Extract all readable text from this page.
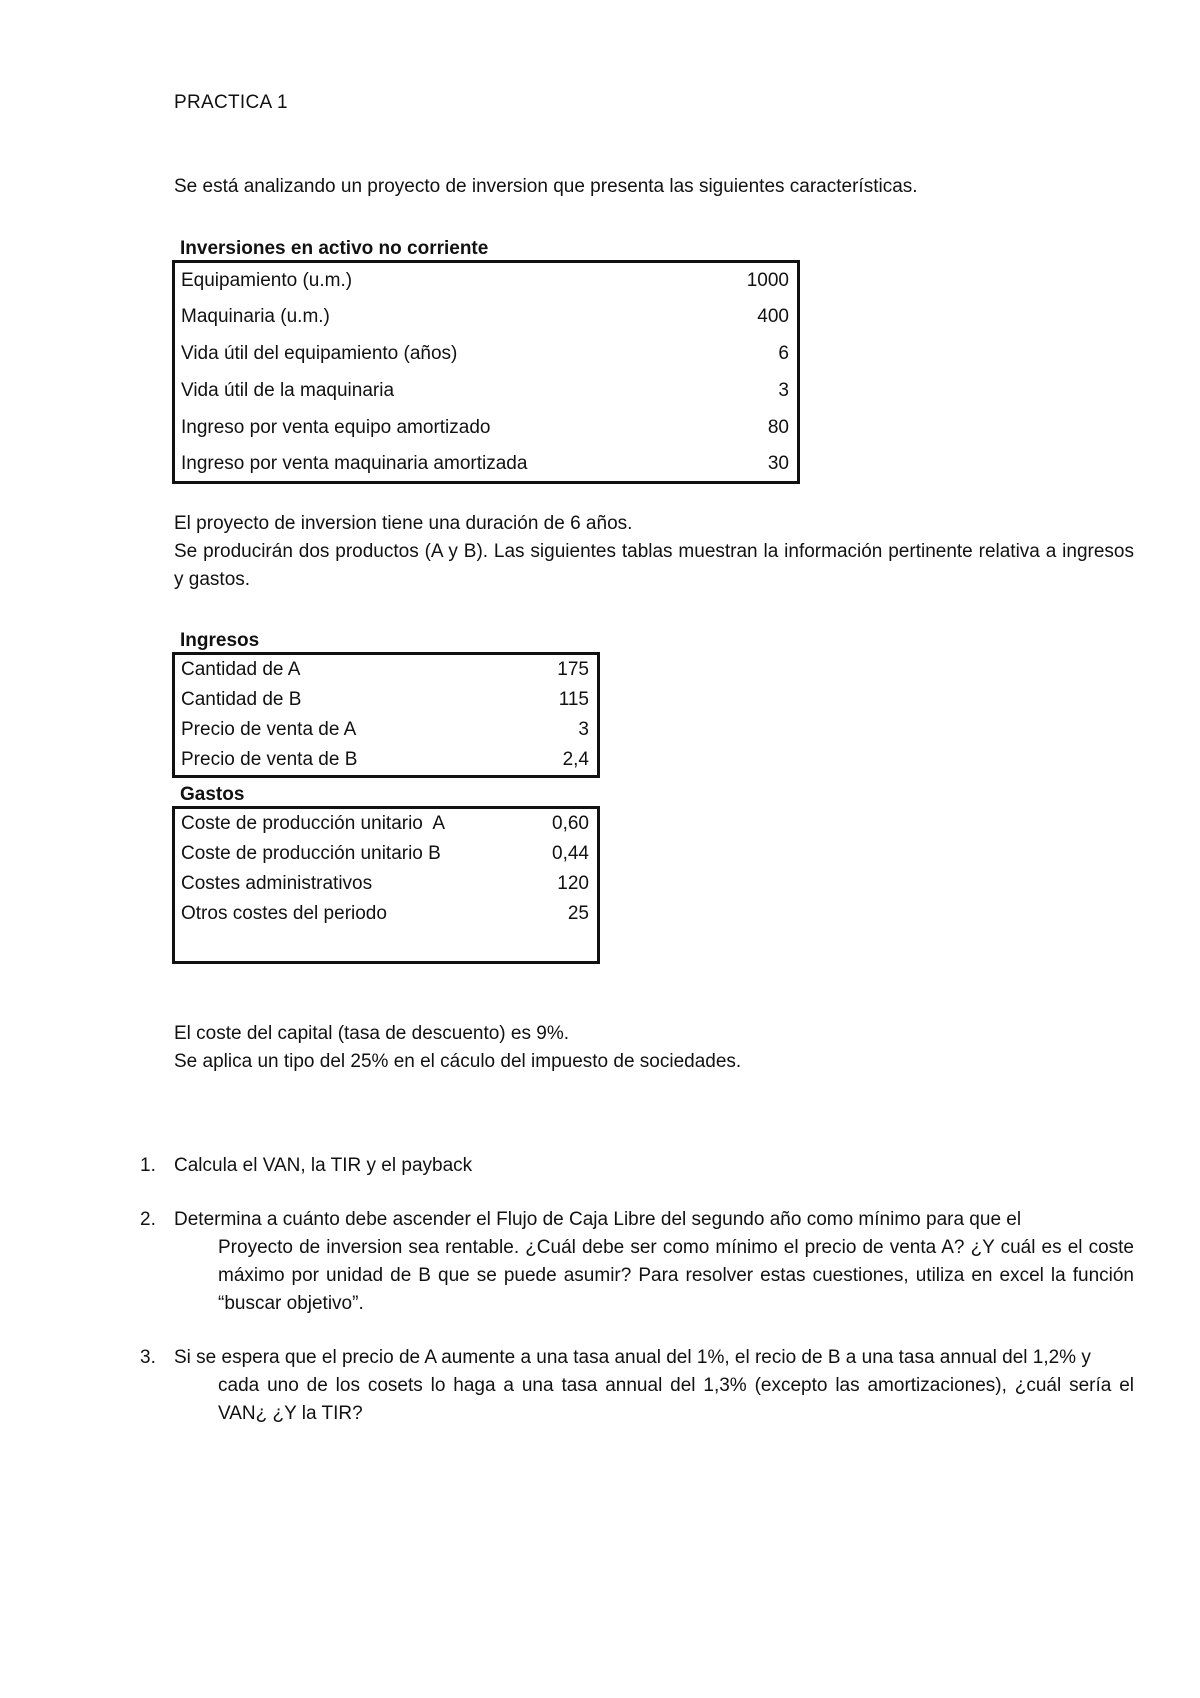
PRACTICA 1
Se está analizando un proyecto de inversion que presenta las siguientes características.
Inversiones en activo no corriente
Equipamiento (u.m.)	1000
Maquinaria (u.m.)	400
Vida útil del equipamiento (años)	6
Vida útil de la maquinaria	3
Ingreso por venta equipo amortizado	80
Ingreso por venta maquinaria amortizada	30

El proyecto de inversion tiene una duración de 6 años.

Se producirán dos productos (A y B). Las siguientes tablas muestran la información pertinente relativa a ingresos y gastos.

Ingresos
Cantidad de A	175
Cantidad de B	115
Precio de venta de A	3
Precio de venta de B	2,4
Gastos
Coste de producción unitario  A	0,60
Coste de producción unitario B	0,44
Costes administrativos	120
Otros costes del periodo	25

El coste del capital (tasa de descuento) es 9%.

Se aplica un tipo del 25% en el cáculo del impuesto de sociedades.

1. Calcula el VAN, la TIR y el payback
2. Determina a cuánto debe ascender el Flujo de Caja Libre del segundo año como mínimo para que el
Proyecto de inversion sea rentable. ¿Cuál debe ser como mínimo el precio de venta A? ¿Y cuál es el coste máximo por unidad de B que se puede asumir? Para resolver estas cuestiones, utiliza en excel la función “buscar objetivo”.
3. Si se espera que el precio de A aumente a una tasa anual del 1%, el recio de B a una tasa annual del 1,2% y
cada uno de los cosets lo haga a una tasa annual del 1,3% (excepto las amortizaciones), ¿cuál sería el VAN¿ ¿Y la TIR?
